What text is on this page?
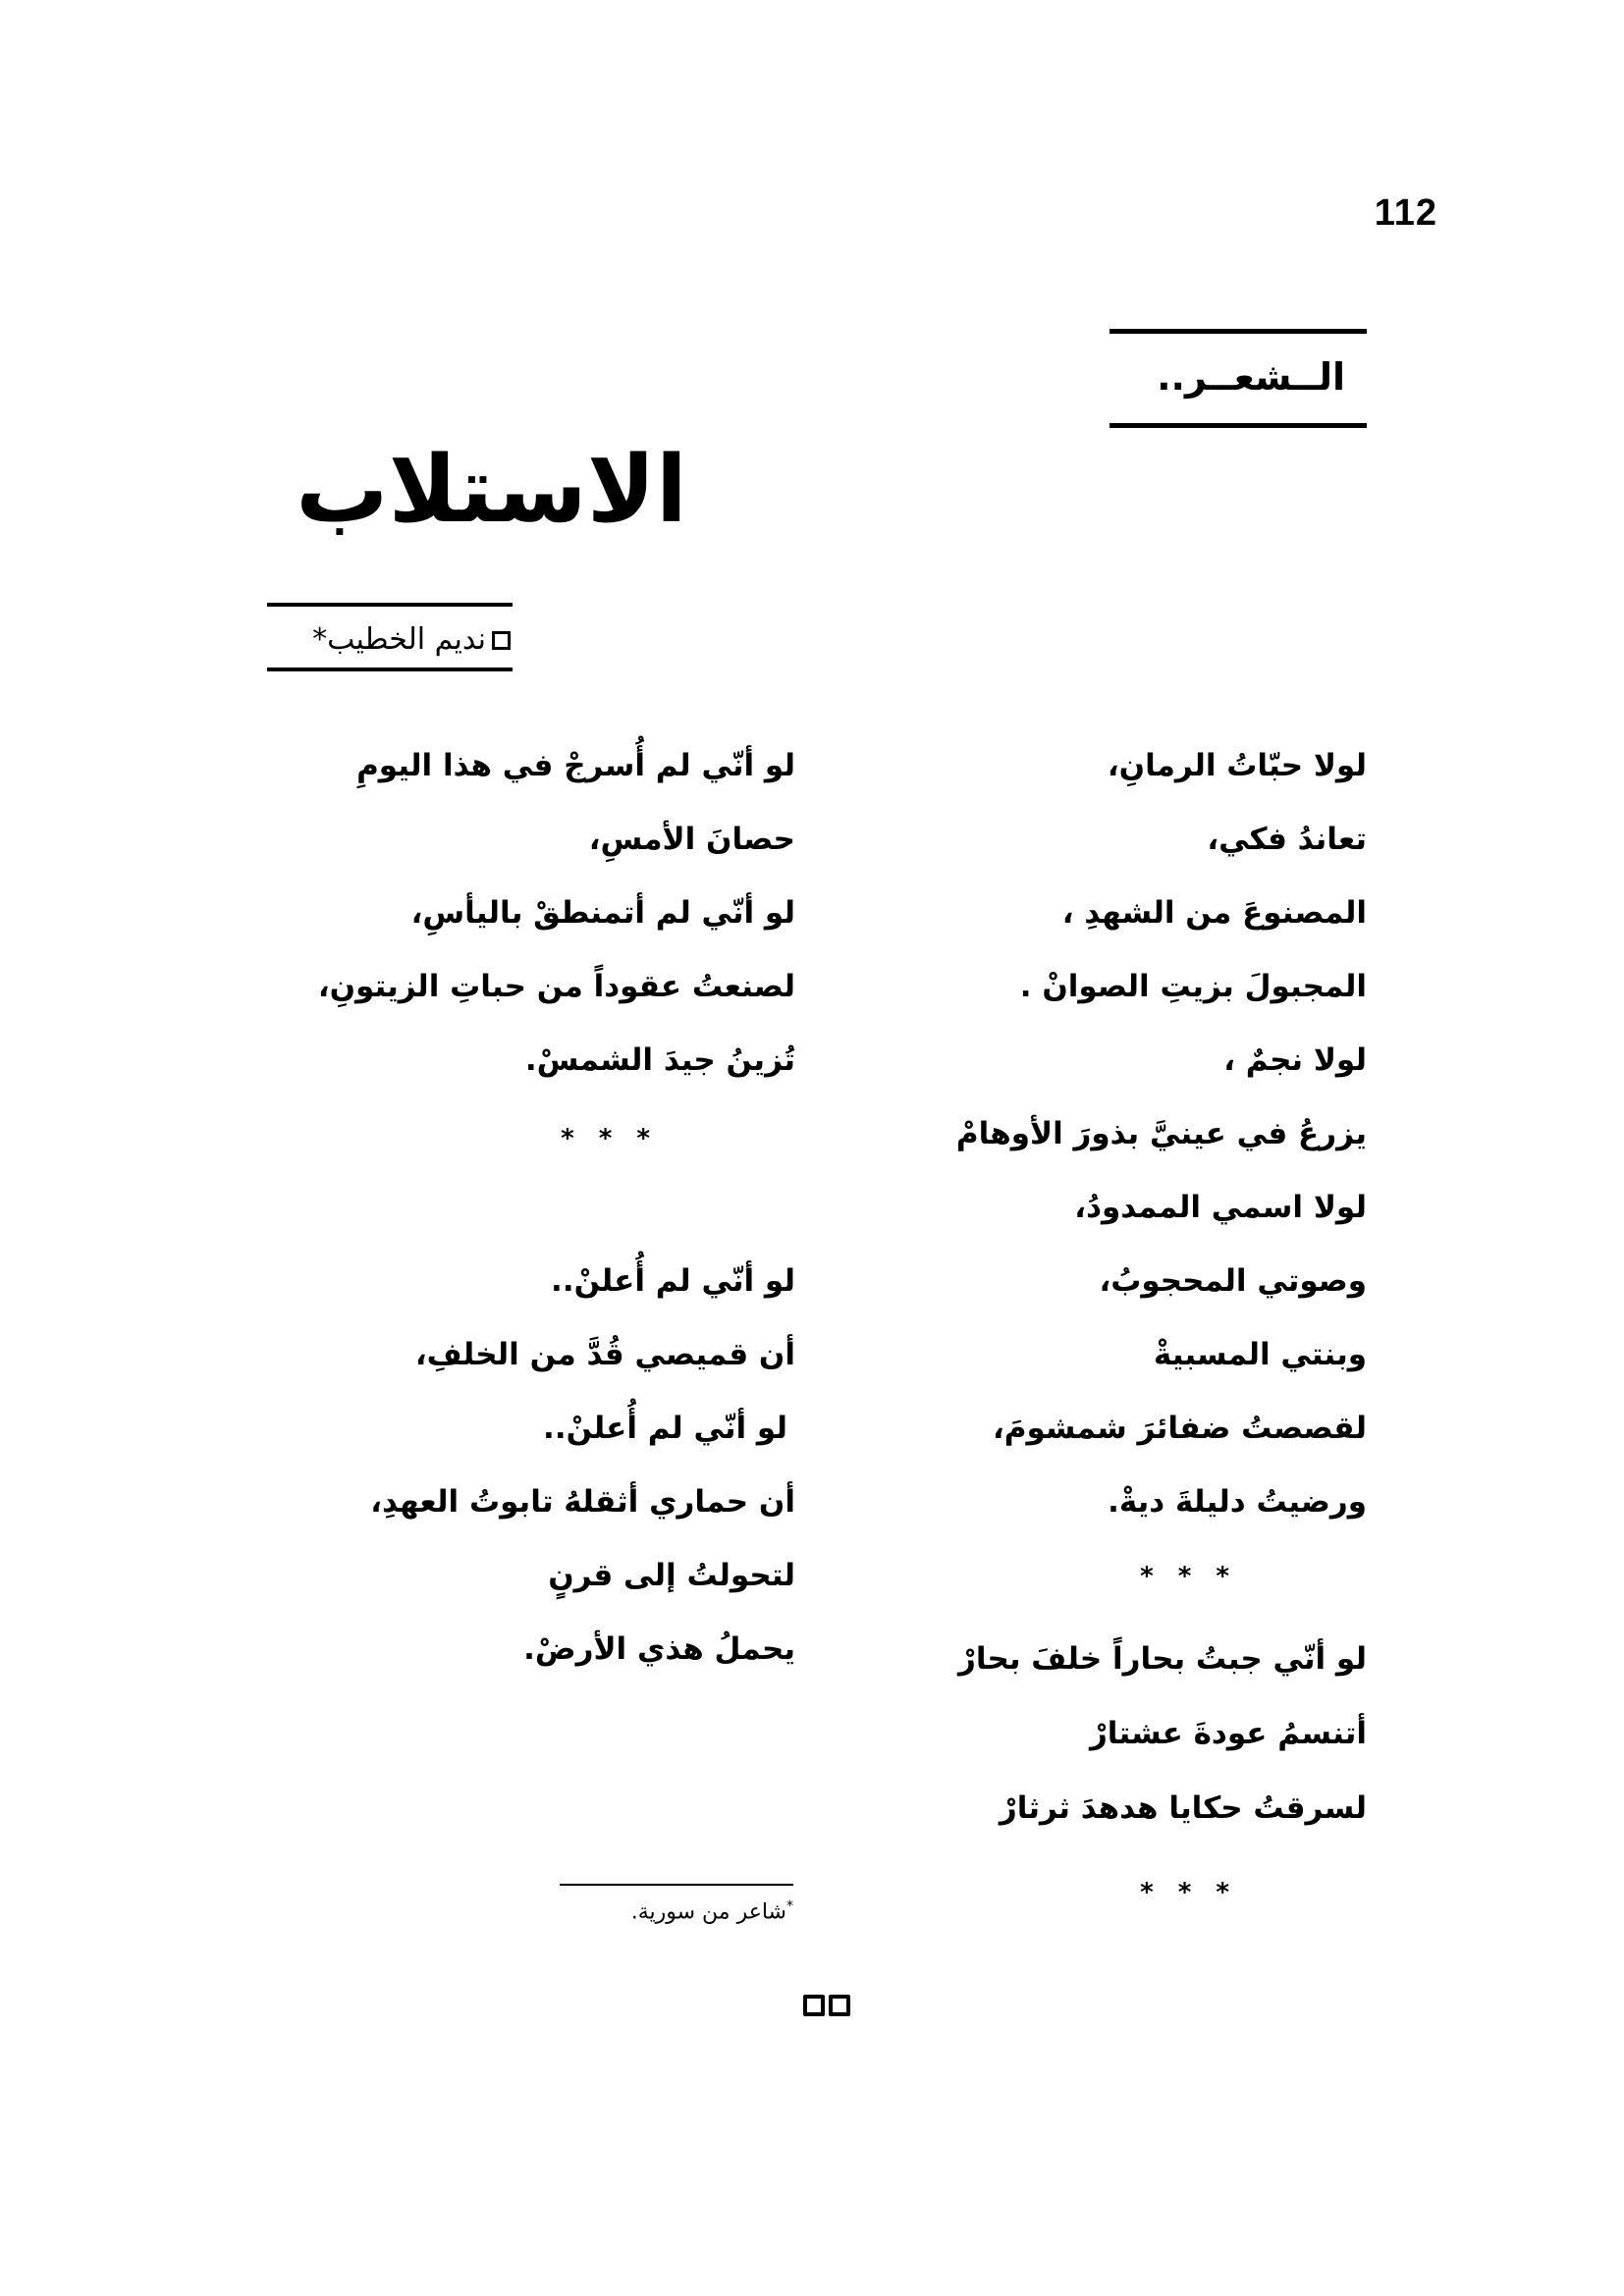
112
الــشعــر..
الاستلاب
نديم الخطيب*
لولا حبّاتُ الرمانِ،
تعاندُ فكي،
المصنوعَ من الشهدِ ،
المجبولَ بزيتِ الصوانْ .
لولا نجمٌ ،
يزرعُ في عينيَّ بذورَ الأوهامْ
لولا اسمي الممدودُ،
وصوتي المحجوبُ،
وبنتي المسبيةْ
لقصصتُ ضفائرَ شمشومَ،
ورضيتُ دليلةَ ديةْ.
* * *
لو أنّي جبتُ بحاراً خلفَ بحارْ
أتنسمُ عودةَ عشتارْ
لسرقتُ حكايا هدهدَ ثرثارْ
* * *
لو أنّي لم أُسرجْ في هذا اليومِ
حصانَ الأمسِ،
لو أنّي لم أتمنطقْ باليأسِ،
لصنعتُ عقوداً من حباتِ الزيتونِ،
تُزينُ جيدَ الشمسْ.
* * *
لو أنّي لم أُعلنْ..
أن قميصي قُدَّ من الخلفِ،
لو أنّي لم أُعلنْ..
أن حماري أثقلهُ تابوتُ العهدِ،
لتحولتُ إلى قرنٍ
يحملُ هذي الأرضْ.
*شاعر من سورية.
